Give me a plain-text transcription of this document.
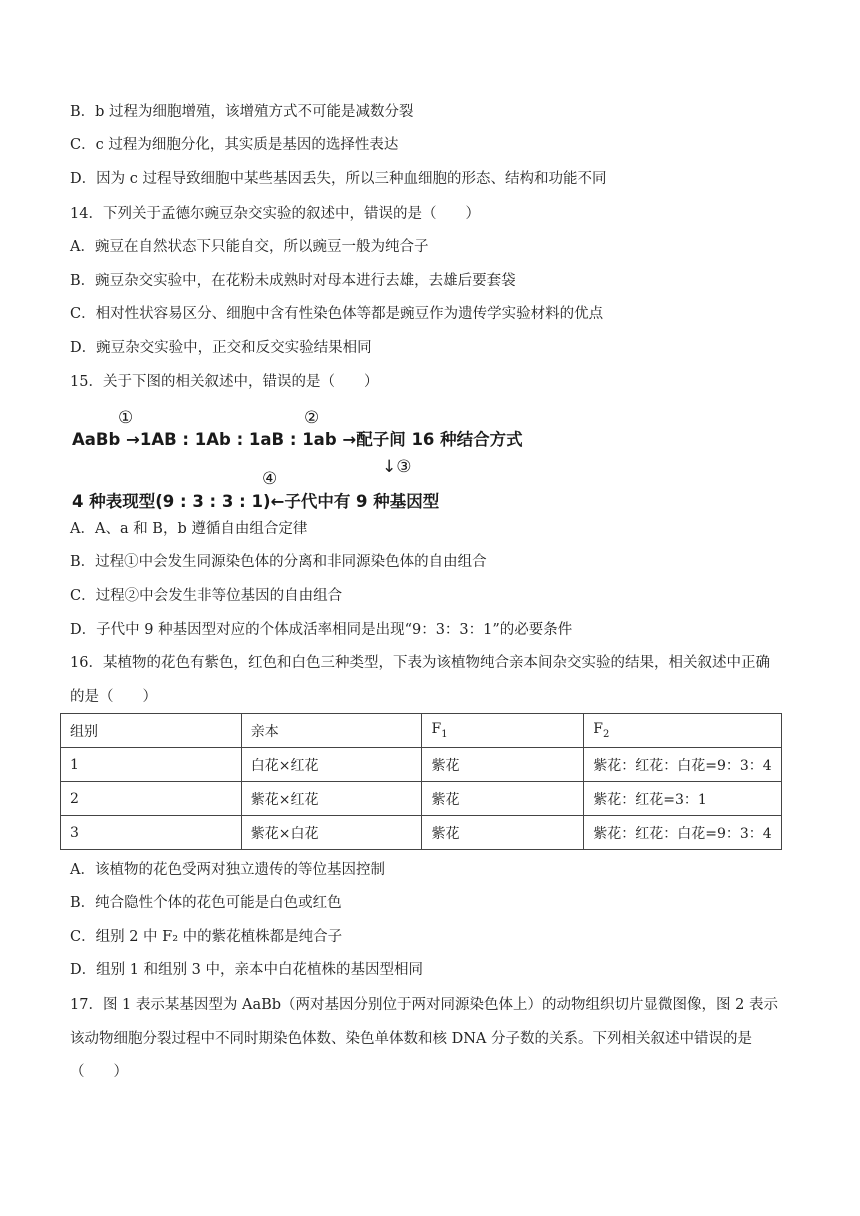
B．b 过程为细胞增殖，该增殖方式不可能是减数分裂
C．c 过程为细胞分化，其实质是基因的选择性表达
D．因为 c 过程导致细胞中某些基因丢失，所以三种血细胞的形态、结构和功能不同
14．下列关于孟德尔豌豆杂交实验的叙述中，错误的是（　　）
A．豌豆在自然状态下只能自交，所以豌豆一般为纯合子
B．豌豆杂交实验中，在花粉未成熟时对母本进行去雄，去雄后要套袋
C．相对性状容易区分、细胞中含有性染色体等都是豌豆作为遗传学实验材料的优点
D．豌豆杂交实验中，正交和反交实验结果相同
15．关于下图的相关叙述中，错误的是（　　）
①	②
AaBb →1AB : 1Ab : 1aB : 1ab →配子间 16 种结合方式
↓③
④
4 种表现型(9 : 3 : 3 : 1)←子代中有 9 种基因型
A．A、a 和 B，b 遵循自由组合定律
B．过程①中会发生同源染色体的分离和非同源染色体的自由组合
C．过程②中会发生非等位基因的自由组合
D．子代中 9 种基因型对应的个体成活率相同是出现“9：3：3：1”的必要条件
16．某植物的花色有紫色，红色和白色三种类型，下表为该植物纯合亲本间杂交实验的结果，相关叙述中正确
的是（　　）
组别	亲本	$F_1$	$F_2$
1	白花×红花	紫花	紫花：红花：白花=9：3：4
2	紫花×红花	紫花	紫花：红花=3：1
3	紫花×白花	紫花	紫花：红花：白花=9：3：4
A．该植物的花色受两对独立遗传的等位基因控制
B．纯合隐性个体的花色可能是白色或红色
C．组别 2 中 F₂ 中的紫花植株都是纯合子
D．组别 1 和组别 3 中，亲本中白花植株的基因型相同
17．图 1 表示某基因型为 AaBb（两对基因分别位于两对同源染色体上）的动物组织切片显微图像，图 2 表示
该动物细胞分裂过程中不同时期染色体数、染色单体数和核 DNA 分子数的关系。下列相关叙述中错误的是
（　　）
